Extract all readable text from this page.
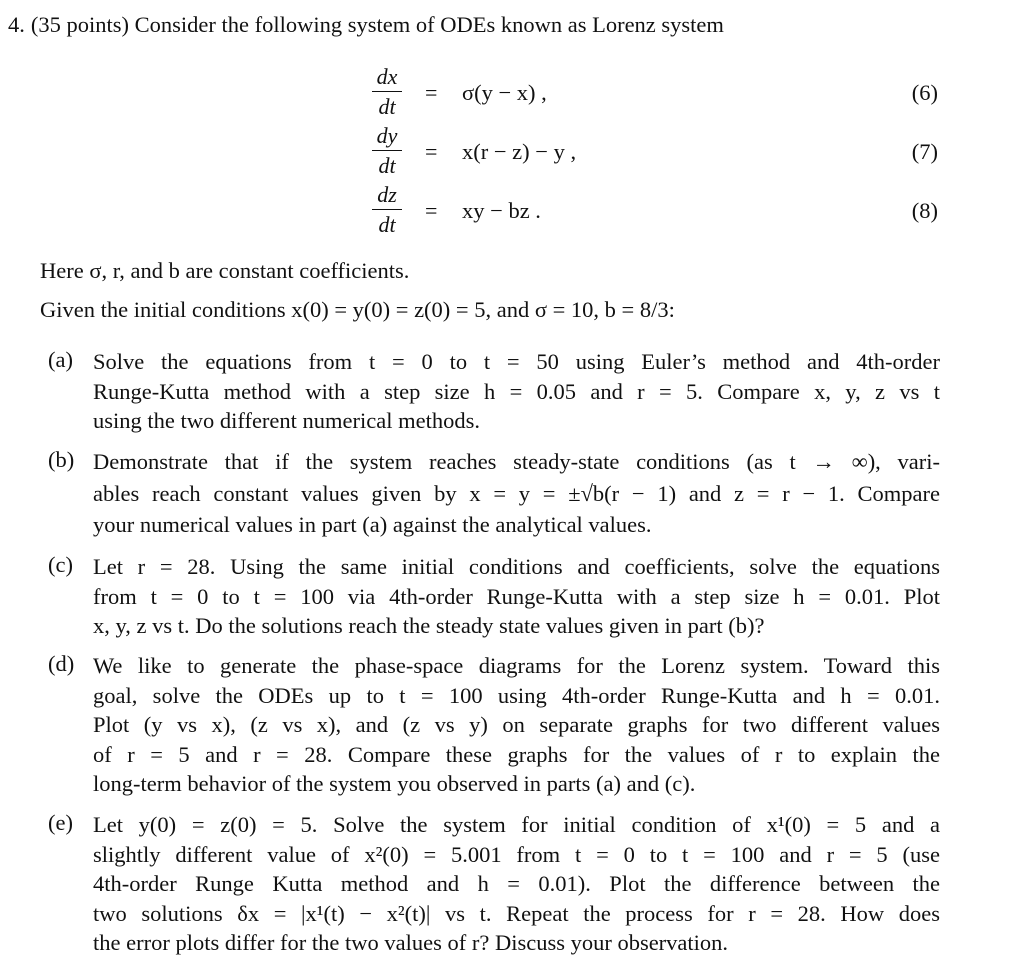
4. (35 points) Consider the following system of ODEs known as Lorenz system
dx
dt
= σ(y − x) ,	(6)
dy
dt
= x(r − z) − y ,	(7)
dz
dt
= xy − bz .	(8)
Here σ, r, and b are constant coefficients.
Given the initial conditions x(0) = y(0) = z(0) = 5, and σ = 10, b = 8/3:
(a) Solve the equations from t = 0 to t = 50 using Euler’s method and 4th-order
Runge-Kutta method with a step size h = 0.05 and r = 5. Compare x, y, z vs t
using the two different numerical methods.
(b) Demonstrate that if the system reaches steady-state conditions (as t → ∞), vari-
ables reach constant values given by x = y = ±√b(r − 1) and z = r − 1. Compare
your numerical values in part (a) against the analytical values.
(c) Let r = 28. Using the same initial conditions and coefficients, solve the equations
from t = 0 to t = 100 via 4th-order Runge-Kutta with a step size h = 0.01. Plot
x, y, z vs t. Do the solutions reach the steady state values given in part (b)?
(d) We like to generate the phase-space diagrams for the Lorenz system. Toward this
goal, solve the ODEs up to t = 100 using 4th-order Runge-Kutta and h = 0.01.
Plot (y vs x), (z vs x), and (z vs y) on separate graphs for two different values
of r = 5 and r = 28. Compare these graphs for the values of r to explain the
long-term behavior of the system you observed in parts (a) and (c).
(e) Let y(0) = z(0) = 5. Solve the system for initial condition of x¹(0) = 5 and a
slightly different value of x²(0) = 5.001 from t = 0 to t = 100 and r = 5 (use
4th-order Runge Kutta method and h = 0.01). Plot the difference between the
two solutions δx = |x¹(t) − x²(t)| vs t. Repeat the process for r = 28. How does
the error plots differ for the two values of r? Discuss your observation.
